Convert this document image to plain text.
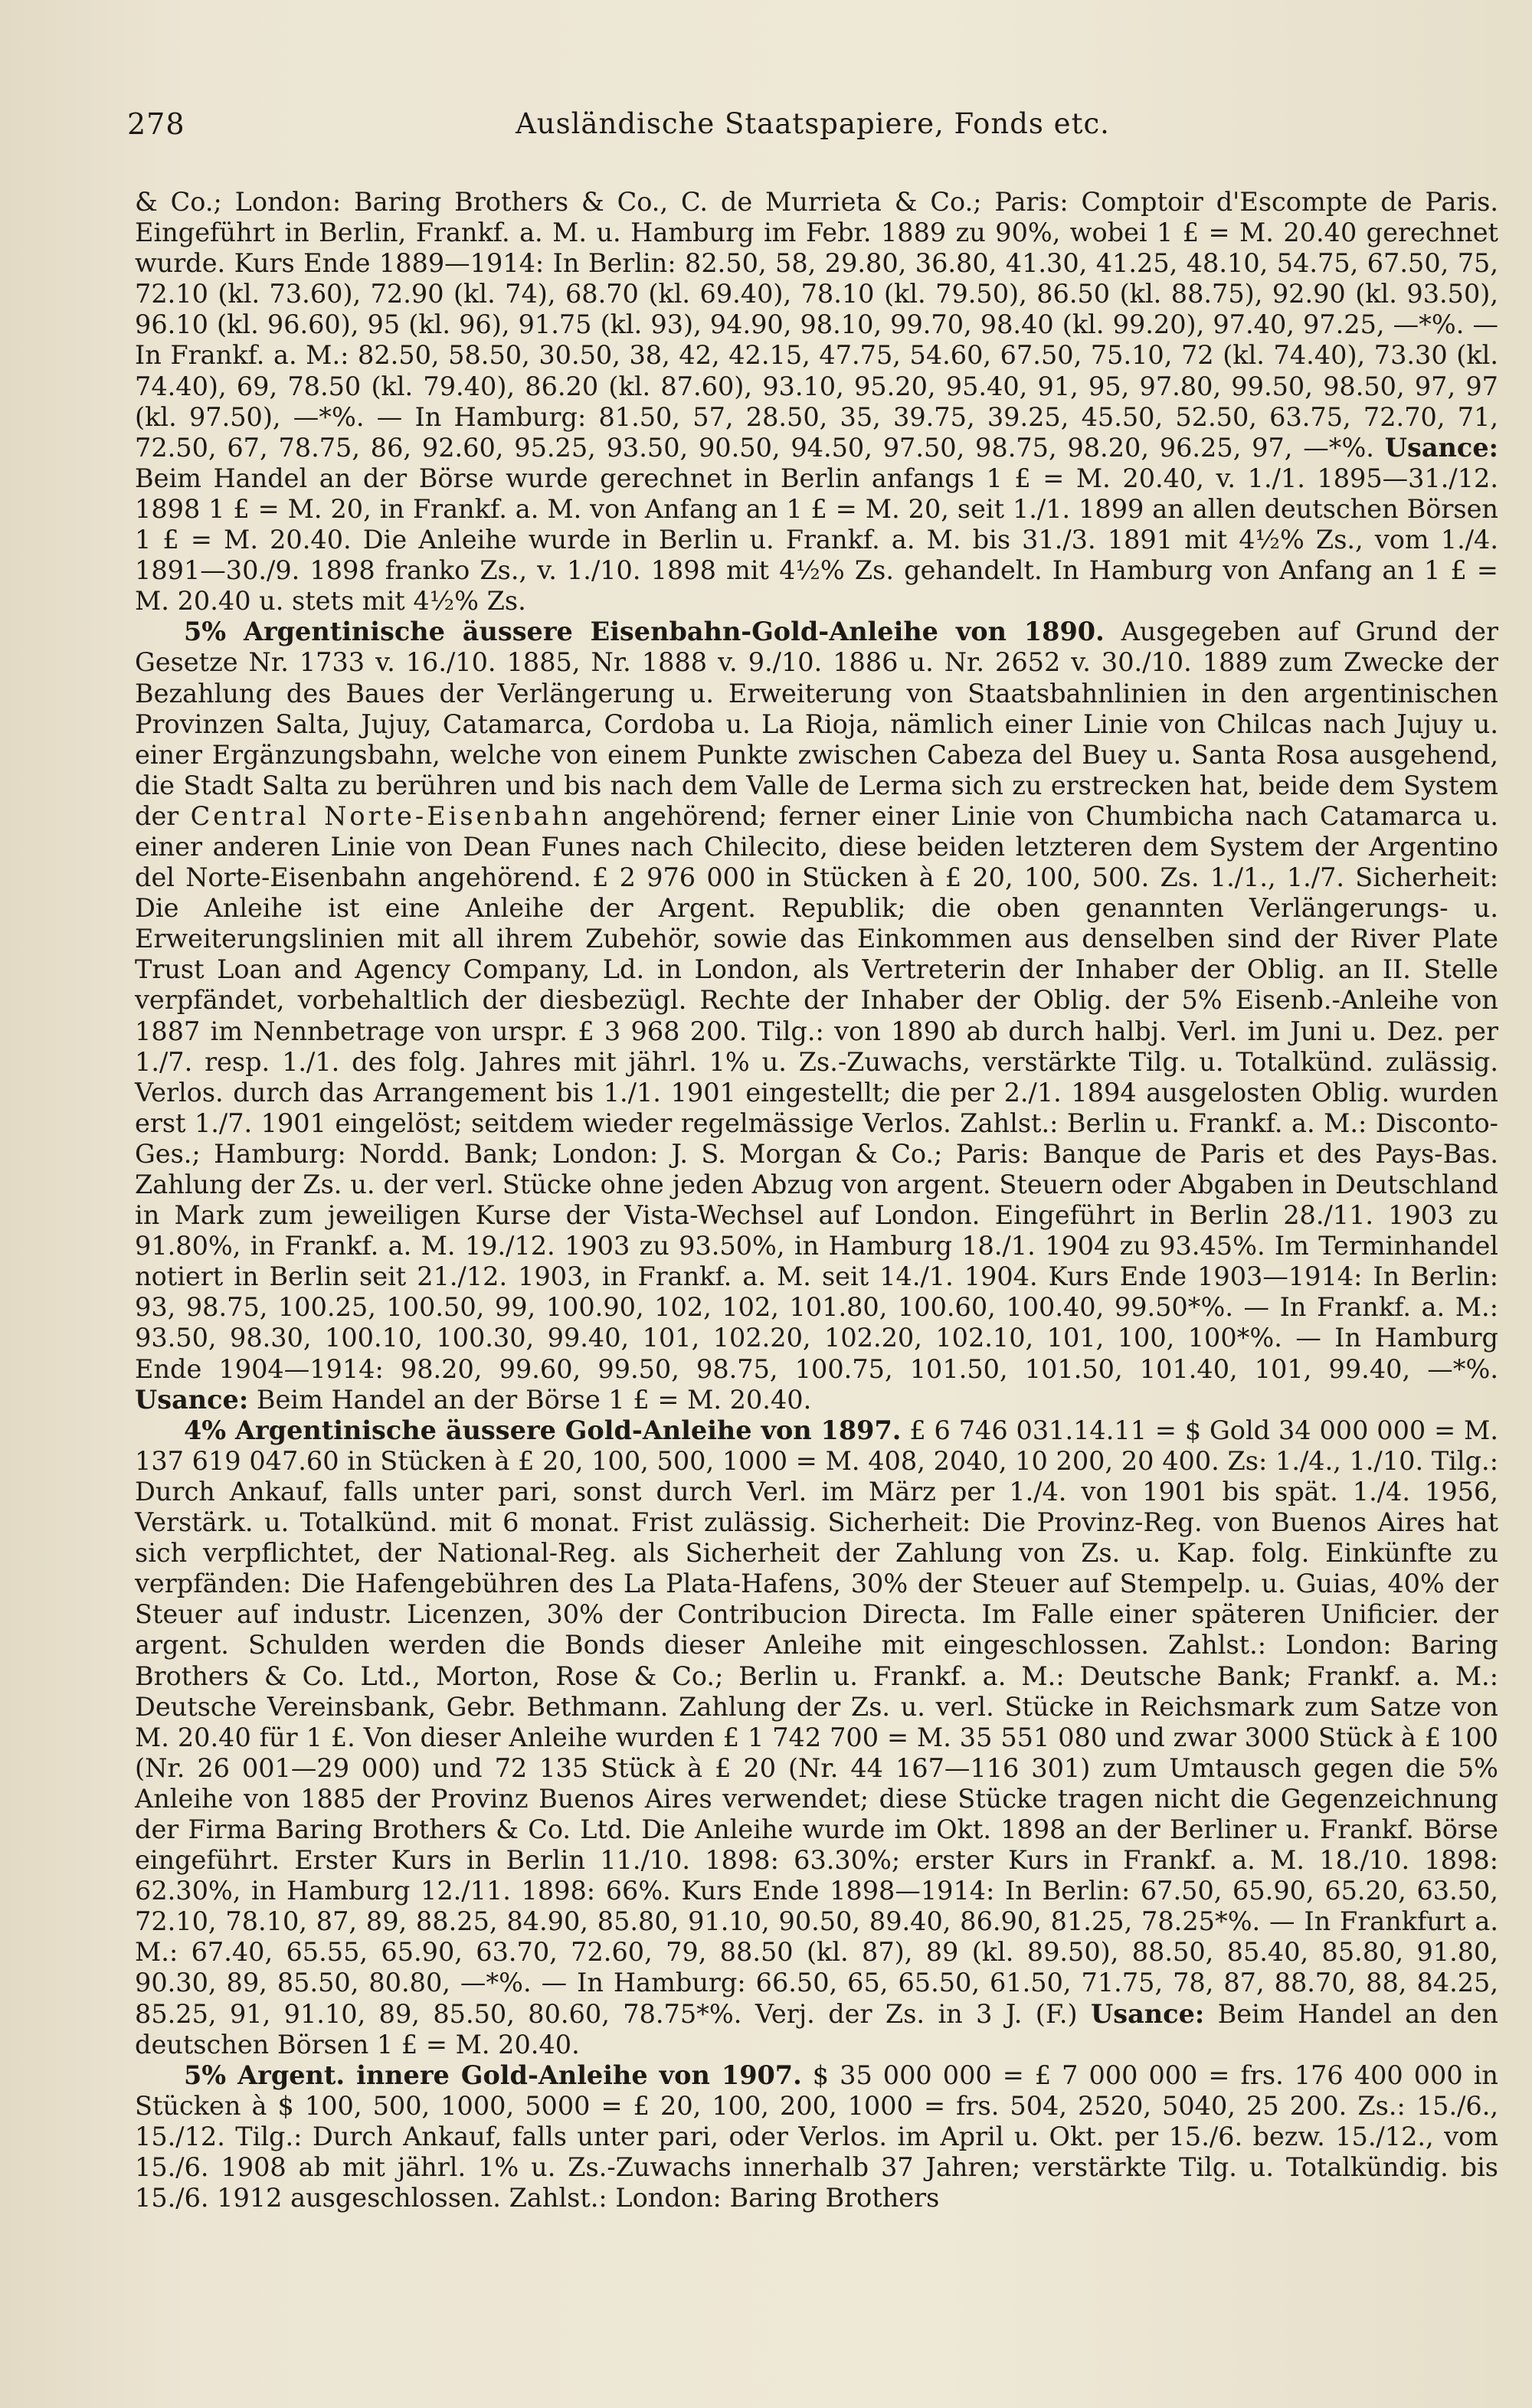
278	Ausländische Staatspapiere, Fonds etc.

& Co.; London: Baring Brothers & Co., C. de Murrieta & Co.; Paris: Comptoir d'Escompte de Paris. Eingeführt in Berlin, Frankf. a. M. u. Hamburg im Febr. 1889 zu 90%, wobei 1 £ = M. 20.40 gerechnet wurde. Kurs Ende 1889—1914: In Berlin: 82.50, 58, 29.80, 36.80, 41.30, 41.25, 48.10, 54.75, 67.50, 75, 72.10 (kl. 73.60), 72.90 (kl. 74), 68.70 (kl. 69.40), 78.10 (kl. 79.50), 86.50 (kl. 88.75), 92.90 (kl. 93.50), 96.10 (kl. 96.60), 95 (kl. 96), 91.75 (kl. 93), 94.90, 98.10, 99.70, 98.40 (kl. 99.20), 97.40, 97.25, —*%. — In Frankf. a. M.: 82.50, 58.50, 30.50, 38, 42, 42.15, 47.75, 54.60, 67.50, 75.10, 72 (kl. 74.40), 73.30 (kl. 74.40), 69, 78.50 (kl. 79.40), 86.20 (kl. 87.60), 93.10, 95.20, 95.40, 91, 95, 97.80, 99.50, 98.50, 97, 97 (kl. 97.50), —*%. — In Hamburg: 81.50, 57, 28.50, 35, 39.75, 39.25, 45.50, 52.50, 63.75, 72.70, 71, 72.50, 67, 78.75, 86, 92.60, 95.25, 93.50, 90.50, 94.50, 97.50, 98.75, 98.20, 96.25, 97, —*%. Usance: Beim Handel an der Börse wurde gerechnet in Berlin anfangs 1 £ = M. 20.40, v. 1./1. 1895—31./12. 1898 1 £ = M. 20, in Frankf. a. M. von Anfang an 1 £ = M. 20, seit 1./1. 1899 an allen deutschen Börsen 1 £ = M. 20.40. Die Anleihe wurde in Berlin u. Frankf. a. M. bis 31./3. 1891 mit 4½% Zs., vom 1./4. 1891—30./9. 1898 franko Zs., v. 1./10. 1898 mit 4½% Zs. gehandelt. In Hamburg von Anfang an 1 £ = M. 20.40 u. stets mit 4½% Zs.

5% Argentinische äussere Eisenbahn-Gold-Anleihe von 1890. Ausgegeben auf Grund der Gesetze Nr. 1733 v. 16./10. 1885, Nr. 1888 v. 9./10. 1886 u. Nr. 2652 v. 30./10. 1889 zum Zwecke der Bezahlung des Baues der Verlängerung u. Erweiterung von Staatsbahnlinien in den argentinischen Provinzen Salta, Jujuy, Catamarca, Cordoba u. La Rioja, nämlich einer Linie von Chilcas nach Jujuy u. einer Ergänzungsbahn, welche von einem Punkte zwischen Cabeza del Buey u. Santa Rosa ausgehend, die Stadt Salta zu berühren und bis nach dem Valle de Lerma sich zu erstrecken hat, beide dem System der Central Norte-Eisenbahn angehörend; ferner einer Linie von Chumbicha nach Catamarca u. einer anderen Linie von Dean Funes nach Chilecito, diese beiden letzteren dem System der Argentino del Norte-Eisenbahn angehörend. £ 2 976 000 in Stücken à £ 20, 100, 500. Zs. 1./1., 1./7. Sicherheit: Die Anleihe ist eine Anleihe der Argent. Republik; die oben genannten Verlängerungs- u. Erweiterungslinien mit all ihrem Zubehör, sowie das Einkommen aus denselben sind der River Plate Trust Loan and Agency Company, Ld. in London, als Vertreterin der Inhaber der Oblig. an II. Stelle verpfändet, vorbehaltlich der diesbezügl. Rechte der Inhaber der Oblig. der 5% Eisenb.-Anleihe von 1887 im Nennbetrage von urspr. £ 3 968 200. Tilg.: von 1890 ab durch halbj. Verl. im Juni u. Dez. per 1./7. resp. 1./1. des folg. Jahres mit jährl. 1% u. Zs.-Zuwachs, verstärkte Tilg. u. Totalkünd. zulässig. Verlos. durch das Arrangement bis 1./1. 1901 eingestellt; die per 2./1. 1894 ausgelosten Oblig. wurden erst 1./7. 1901 eingelöst; seitdem wieder regelmässige Verlos. Zahlst.: Berlin u. Frankf. a. M.: Disconto-Ges.; Hamburg: Nordd. Bank; London: J. S. Morgan & Co.; Paris: Banque de Paris et des Pays-Bas. Zahlung der Zs. u. der verl. Stücke ohne jeden Abzug von argent. Steuern oder Abgaben in Deutschland in Mark zum jeweiligen Kurse der Vista-Wechsel auf London. Eingeführt in Berlin 28./11. 1903 zu 91.80%, in Frankf. a. M. 19./12. 1903 zu 93.50%, in Hamburg 18./1. 1904 zu 93.45%. Im Terminhandel notiert in Berlin seit 21./12. 1903, in Frankf. a. M. seit 14./1. 1904. Kurs Ende 1903—1914: In Berlin: 93, 98.75, 100.25, 100.50, 99, 100.90, 102, 102, 101.80, 100.60, 100.40, 99.50*%. — In Frankf. a. M.: 93.50, 98.30, 100.10, 100.30, 99.40, 101, 102.20, 102.20, 102.10, 101, 100, 100*%. — In Hamburg Ende 1904—1914: 98.20, 99.60, 99.50, 98.75, 100.75, 101.50, 101.50, 101.40, 101, 99.40, —*%. Usance: Beim Handel an der Börse 1 £ = M. 20.40.

4% Argentinische äussere Gold-Anleihe von 1897. £ 6 746 031.14.11 = $ Gold 34 000 000 = M. 137 619 047.60 in Stücken à £ 20, 100, 500, 1000 = M. 408, 2040, 10 200, 20 400. Zs: 1./4., 1./10. Tilg.: Durch Ankauf, falls unter pari, sonst durch Verl. im März per 1./4. von 1901 bis spät. 1./4. 1956, Verstärk. u. Totalkünd. mit 6 monat. Frist zulässig. Sicherheit: Die Provinz-Reg. von Buenos Aires hat sich verpflichtet, der National-Reg. als Sicherheit der Zahlung von Zs. u. Kap. folg. Einkünfte zu verpfänden: Die Hafengebühren des La Plata-Hafens, 30% der Steuer auf Stempelp. u. Guias, 40% der Steuer auf industr. Licenzen, 30% der Contribucion Directa. Im Falle einer späteren Unificier. der argent. Schulden werden die Bonds dieser Anleihe mit eingeschlossen. Zahlst.: London: Baring Brothers & Co. Ltd., Morton, Rose & Co.; Berlin u. Frankf. a. M.: Deutsche Bank; Frankf. a. M.: Deutsche Vereinsbank, Gebr. Bethmann. Zahlung der Zs. u. verl. Stücke in Reichsmark zum Satze von M. 20.40 für 1 £. Von dieser Anleihe wurden £ 1 742 700 = M. 35 551 080 und zwar 3000 Stück à £ 100 (Nr. 26 001—29 000) und 72 135 Stück à £ 20 (Nr. 44 167—116 301) zum Umtausch gegen die 5% Anleihe von 1885 der Provinz Buenos Aires verwendet; diese Stücke tragen nicht die Gegenzeichnung der Firma Baring Brothers & Co. Ltd. Die Anleihe wurde im Okt. 1898 an der Berliner u. Frankf. Börse eingeführt. Erster Kurs in Berlin 11./10. 1898: 63.30%; erster Kurs in Frankf. a. M. 18./10. 1898: 62.30%, in Hamburg 12./11. 1898: 66%. Kurs Ende 1898—1914: In Berlin: 67.50, 65.90, 65.20, 63.50, 72.10, 78.10, 87, 89, 88.25, 84.90, 85.80, 91.10, 90.50, 89.40, 86.90, 81.25, 78.25*%. — In Frankfurt a. M.: 67.40, 65.55, 65.90, 63.70, 72.60, 79, 88.50 (kl. 87), 89 (kl. 89.50), 88.50, 85.40, 85.80, 91.80, 90.30, 89, 85.50, 80.80, —*%. — In Hamburg: 66.50, 65, 65.50, 61.50, 71.75, 78, 87, 88.70, 88, 84.25, 85.25, 91, 91.10, 89, 85.50, 80.60, 78.75*%. Verj. der Zs. in 3 J. (F.) Usance: Beim Handel an den deutschen Börsen 1 £ = M. 20.40.

5% Argent. innere Gold-Anleihe von 1907. $ 35 000 000 = £ 7 000 000 = frs. 176 400 000 in Stücken à $ 100, 500, 1000, 5000 = £ 20, 100, 200, 1000 = frs. 504, 2520, 5040, 25 200. Zs.: 15./6., 15./12. Tilg.: Durch Ankauf, falls unter pari, oder Verlos. im April u. Okt. per 15./6. bezw. 15./12., vom 15./6. 1908 ab mit jährl. 1% u. Zs.-Zuwachs innerhalb 37 Jahren; verstärkte Tilg. u. Totalkündig. bis 15./6. 1912 ausgeschlossen. Zahlst.: London: Baring Brothers
